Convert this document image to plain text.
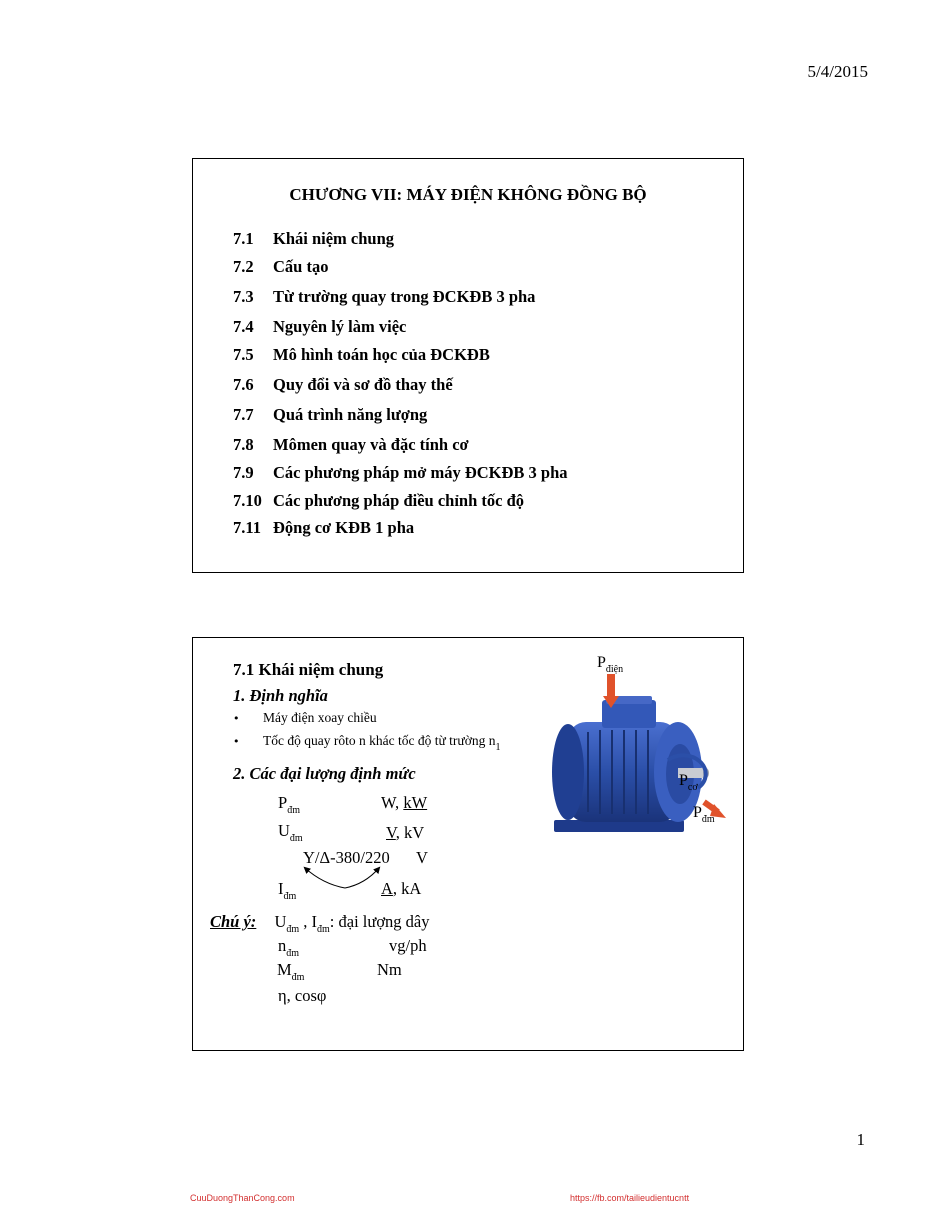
5/4/2015
CHƯƠNG VII: MÁY ĐIỆN KHÔNG ĐỒNG BỘ
7.1 Khái niệm chung
7.2 Cấu tạo
7.3 Từ trường quay trong ĐCKĐB 3 pha
7.4 Nguyên lý làm việc
7.5 Mô hình toán học của ĐCKĐB
7.6 Quy đổi và sơ đồ thay thế
7.7 Quá trình năng lượng
7.8 Mômen quay và đặc tính cơ
7.9 Các phương pháp mở máy ĐCKĐB 3 pha
7.10 Các phương pháp điều chỉnh tốc độ
7.11 Động cơ KĐB 1 pha
7.1 Khái niệm chung
1. Định nghĩa
• Máy điện xoay chiều
• Tốc độ quay rôto n khác tốc độ từ trường $n_1$
2. Các đại lượng định mức
$P_{đm}$	W, kW
$U_{đm}$	V, kV
Y/Δ-380/220 V
$I_{đm}$	A, kA
Chú ý: $U_{đm}$ , $I_{đm}$: đại lượng dây
$n_{đm}$	vg/ph
$M_{đm}$	Nm
η, cosφ
$P_{điện}$
$P_{cơ}$
$P_{đm}$
1
CuuDuongThanCong.com	https://fb.com/tailieudientucntt
